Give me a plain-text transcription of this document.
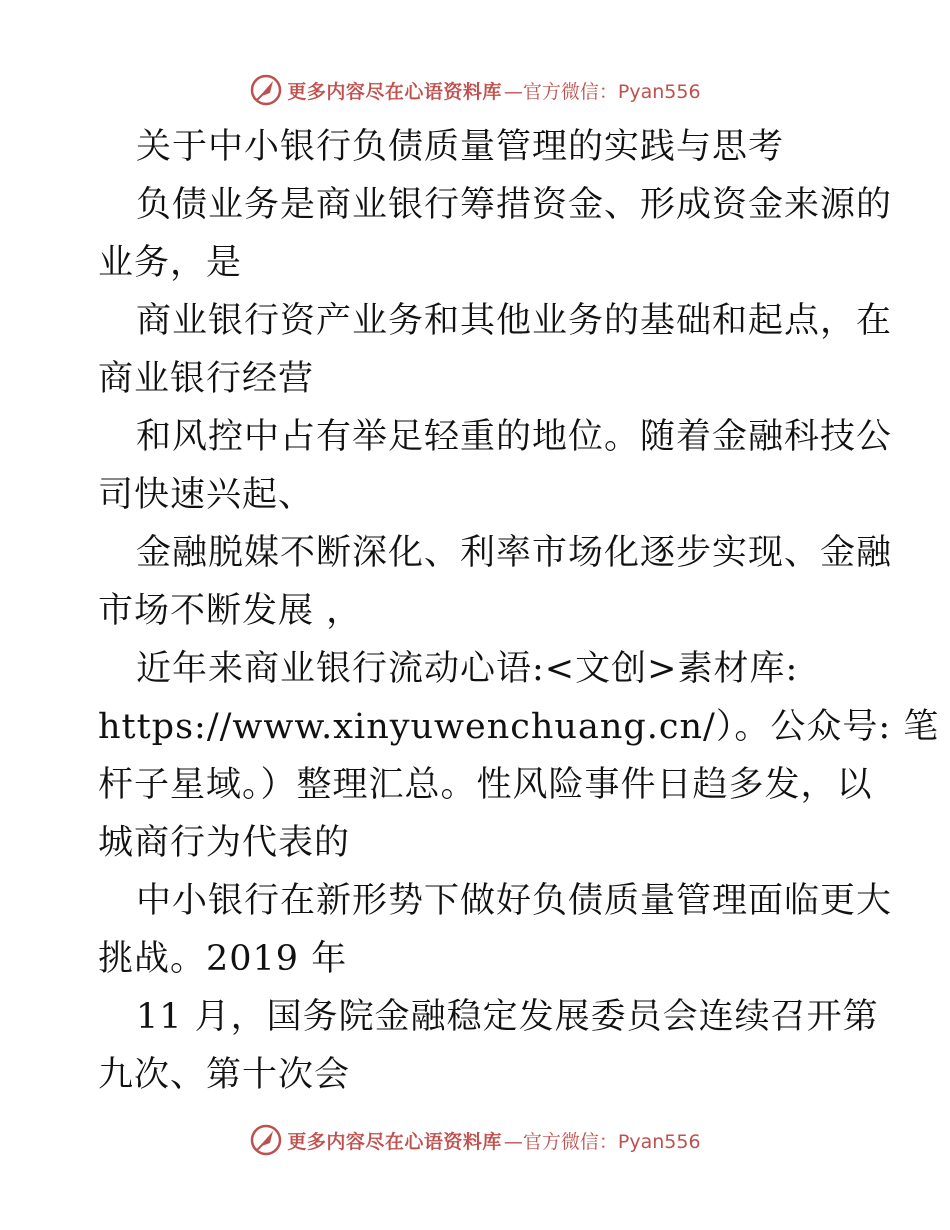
更多内容尽在心语资料库 —官方微信：Pyan556
关于中小银行负债质量管理的实践与思考
负债业务是商业银行筹措资金、形成资金来源的
业务，是
商业银行资产业务和其他业务的基础和起点，在
商业银行经营
和风控中占有举足轻重的地位。随着金融科技公
司快速兴起、
金融脱媒不断深化、利率市场化逐步实现、金融
市场不断发展 ，
近年来商业银行流动心语:<文创>素材库:
https://www.xinyuwenchuang.cn/）。公众号: 笔
杆子星域。）整理汇总。性风险事件日趋多发，以
城商行为代表的
中小银行在新形势下做好负债质量管理面临更大
挑战。2019 年
11 月，国务院金融稳定发展委员会连续召开第
九次、第十次会
更多内容尽在心语资料库 —官方微信：Pyan556
